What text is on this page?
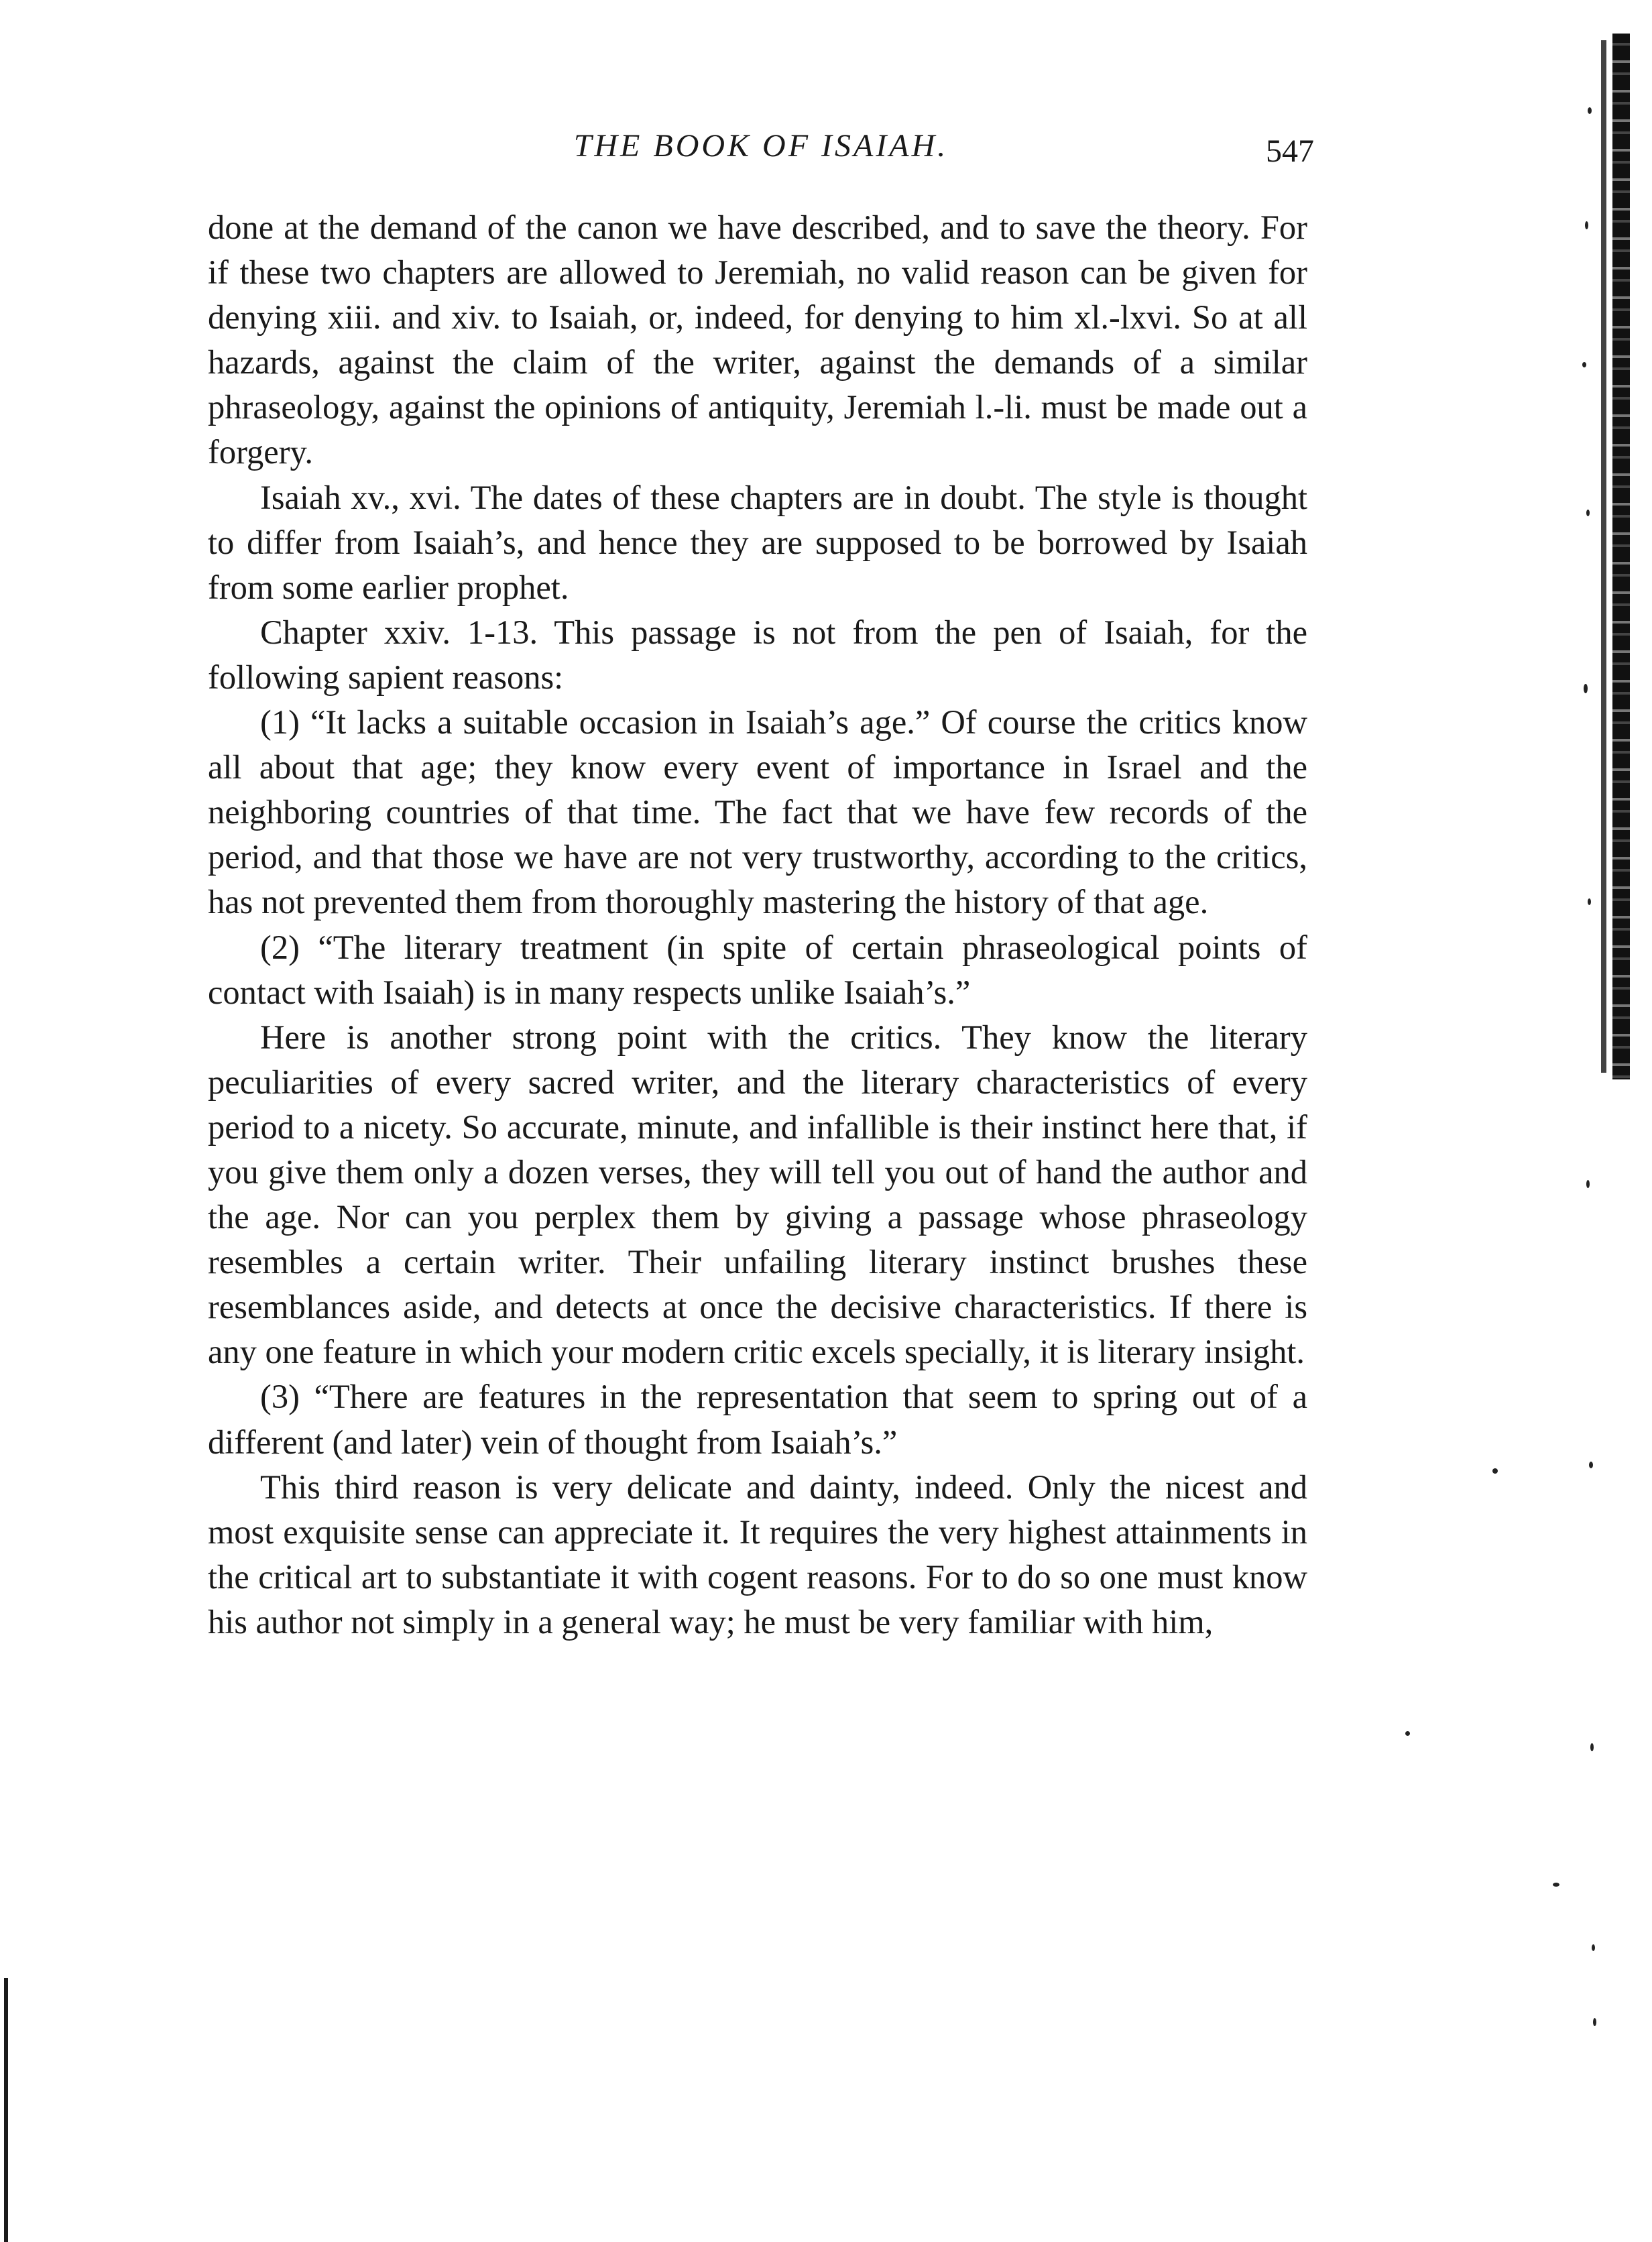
THE BOOK OF ISAIAH.	547

done at the demand of the canon we have described, and to save the theory. For if these two chapters are allowed to Jeremiah, no valid reason can be given for denying xiii. and xiv. to Isaiah, or, indeed, for denying to him xl.-lxvi. So at all hazards, against the claim of the writer, against the demands of a similar phraseology, against the opinions of antiquity, Jeremiah l.-li. must be made out a forgery.

Isaiah xv., xvi. The dates of these chapters are in doubt. The style is thought to differ from Isaiah’s, and hence they are supposed to be borrowed by Isaiah from some earlier prophet.

Chapter xxiv. 1-13. This passage is not from the pen of Isaiah, for the following sapient reasons:

(1) “It lacks a suitable occasion in Isaiah’s age.” Of course the critics know all about that age; they know every event of importance in Israel and the neighboring countries of that time. The fact that we have few records of the period, and that those we have are not very trustworthy, according to the critics, has not prevented them from thoroughly mastering the history of that age.

(2) “The literary treatment (in spite of certain phraseological points of contact with Isaiah) is in many respects unlike Isaiah’s.”

Here is another strong point with the critics. They know the literary peculiarities of every sacred writer, and the literary characteristics of every period to a nicety. So accurate, minute, and infallible is their instinct here that, if you give them only a dozen verses, they will tell you out of hand the author and the age. Nor can you perplex them by giving a passage whose phraseology resembles a certain writer. Their unfailing literary instinct brushes these resemblances aside, and detects at once the decisive characteristics. If there is any one feature in which your modern critic excels specially, it is literary insight.

(3) “There are features in the representation that seem to spring out of a different (and later) vein of thought from Isaiah’s.”

This third reason is very delicate and dainty, indeed. Only the nicest and most exquisite sense can appreciate it. It requires the very highest attainments in the critical art to substantiate it with cogent reasons. For to do so one must know his author not simply in a general way; he must be very familiar with him,
